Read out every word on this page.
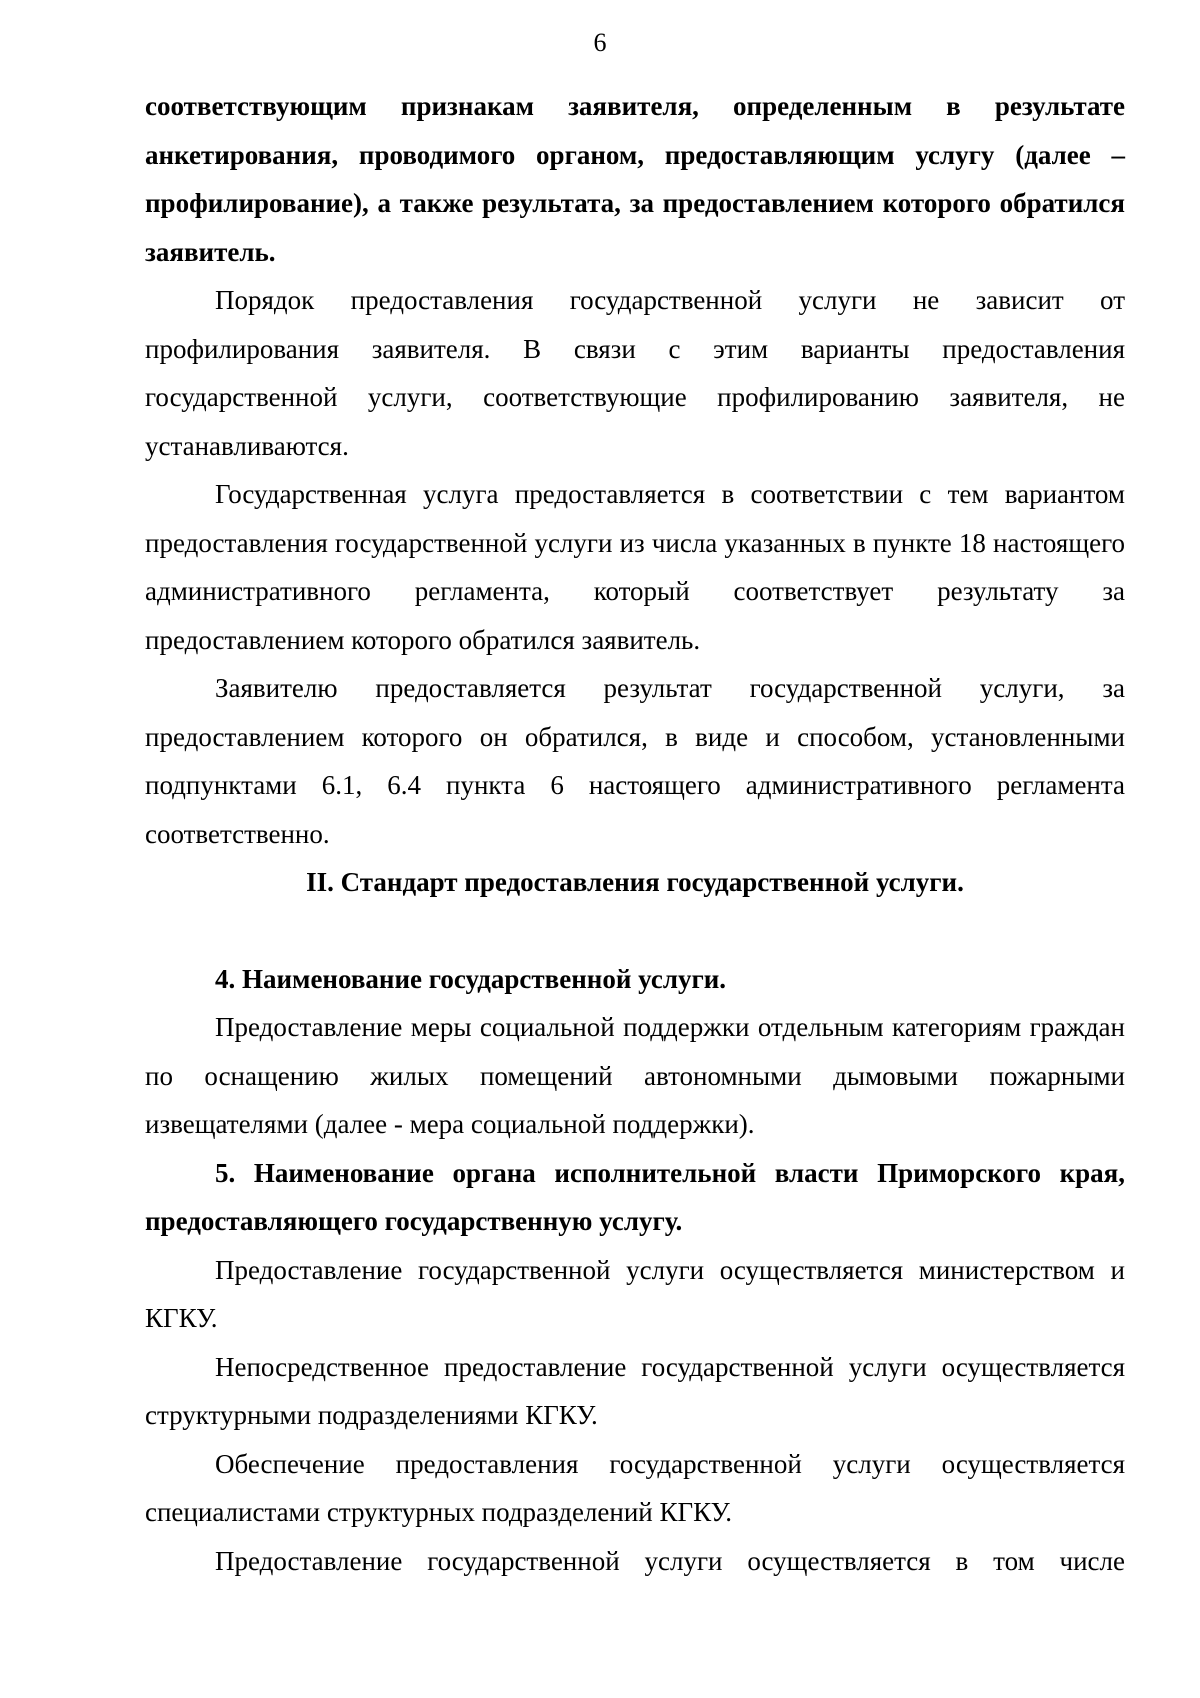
6

соответствующим признакам заявителя, определенным в результате анкетирования, проводимого органом, предоставляющим услугу (далее – профилирование), а также результата, за предоставлением которого обратился заявитель.

Порядок предоставления государственной услуги не зависит от профилирования заявителя. В связи с этим варианты предоставления государственной услуги, соответствующие профилированию заявителя, не устанавливаются.

Государственная услуга предоставляется в соответствии с тем вариантом предоставления государственной услуги из числа указанных в пункте 18 настоящего административного регламента, который соответствует результату за предоставлением которого обратился заявитель.

Заявителю предоставляется результат государственной услуги, за предоставлением которого он обратился, в виде и способом, установленными подпунктами 6.1, 6.4 пункта 6 настоящего административного регламента соответственно.

II. Стандарт предоставления государственной услуги.

4. Наименование государственной услуги.

Предоставление меры социальной поддержки отдельным категориям граждан по оснащению жилых помещений автономными дымовыми пожарными извещателями (далее - мера социальной поддержки).

5. Наименование органа исполнительной власти Приморского края, предоставляющего государственную услугу.

Предоставление государственной услуги осуществляется министерством и КГКУ.

Непосредственное предоставление государственной услуги осуществляется структурными подразделениями КГКУ.

Обеспечение предоставления государственной услуги осуществляется специалистами структурных подразделений КГКУ.

Предоставление государственной услуги осуществляется в том числе
